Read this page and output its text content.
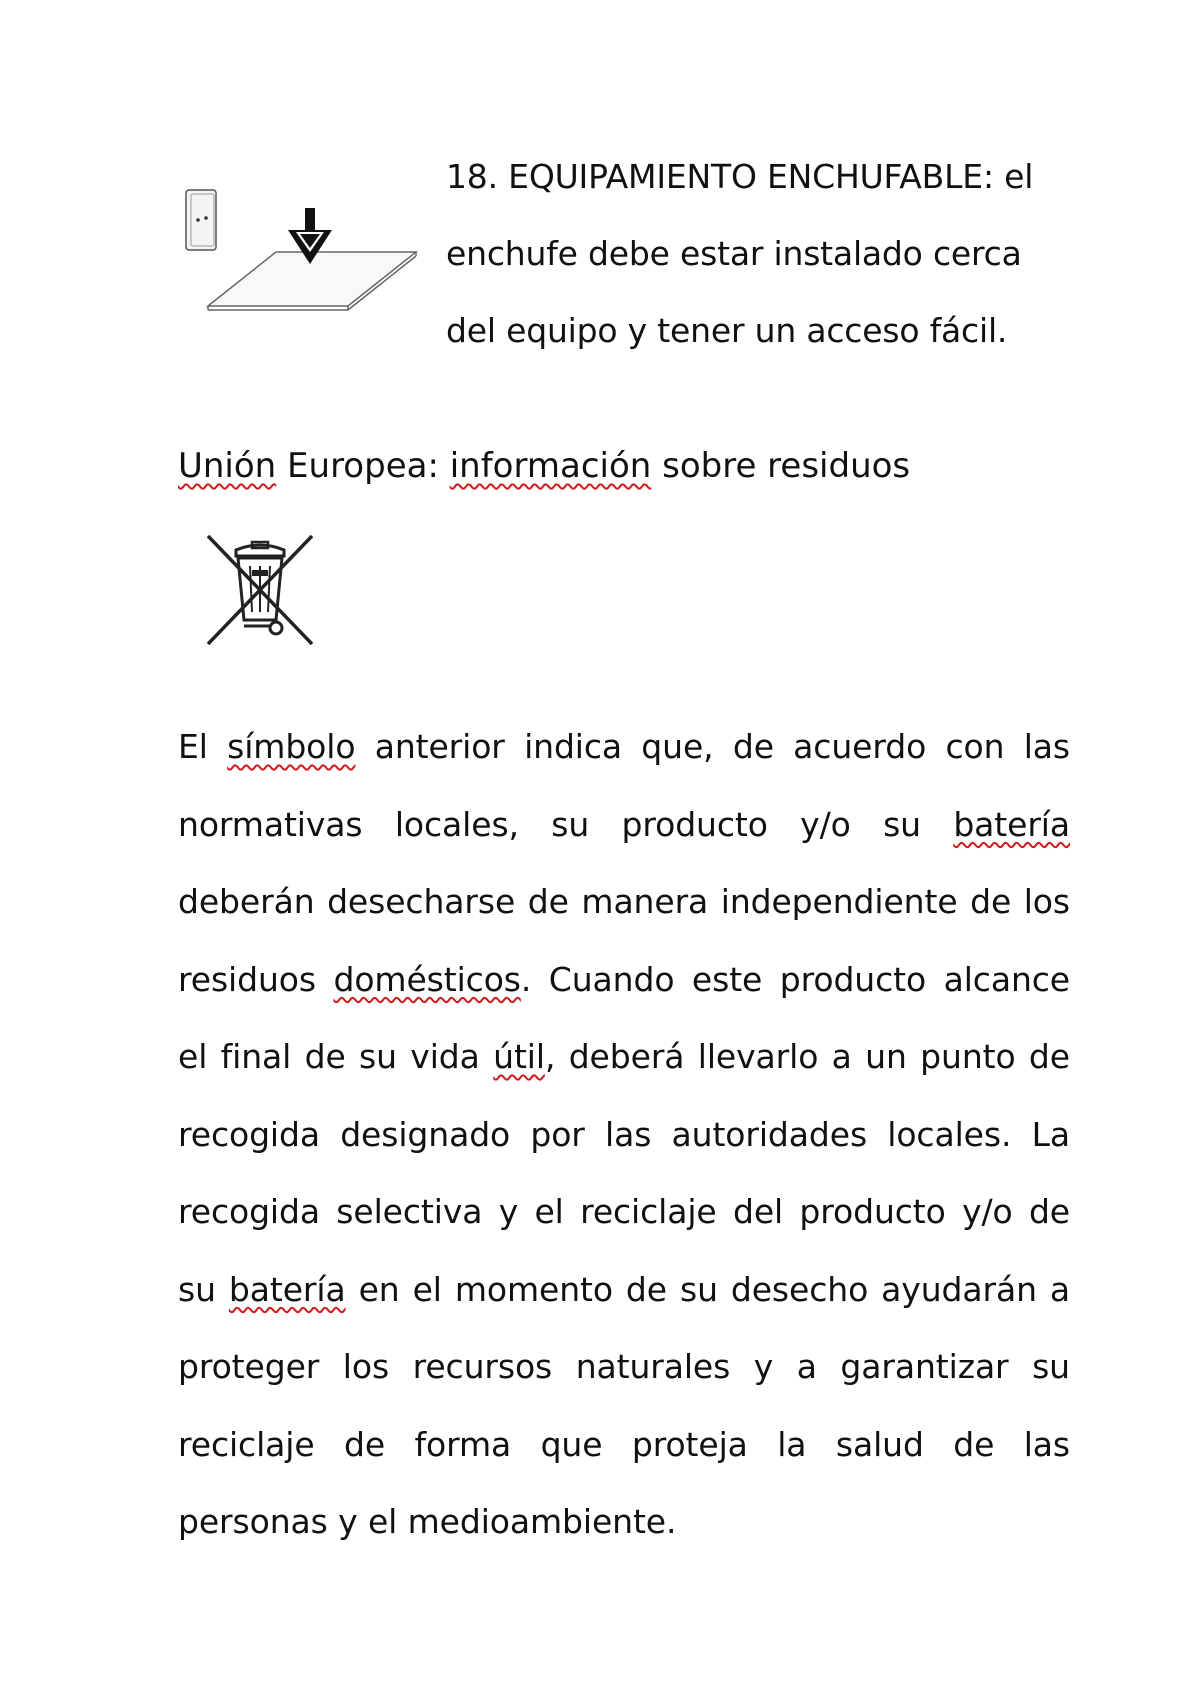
18. EQUIPAMIENTO ENCHUFABLE: el enchufe debe estar instalado cerca del equipo y tener un acceso fácil.
Unión Europea: información sobre residuos
El símbolo anterior indica que, de acuerdo con las normativas locales, su producto y/o su batería deberán desecharse de manera independiente de los residuos domésticos. Cuando este producto alcance el final de su vida útil, deberá llevarlo a un punto de recogida designado por las autoridades locales. La recogida selectiva y el reciclaje del producto y/o de su batería en el momento de su desecho ayudarán a proteger los recursos naturales y a garantizar su reciclaje de forma que proteja la salud de las personas y el medioambiente.
